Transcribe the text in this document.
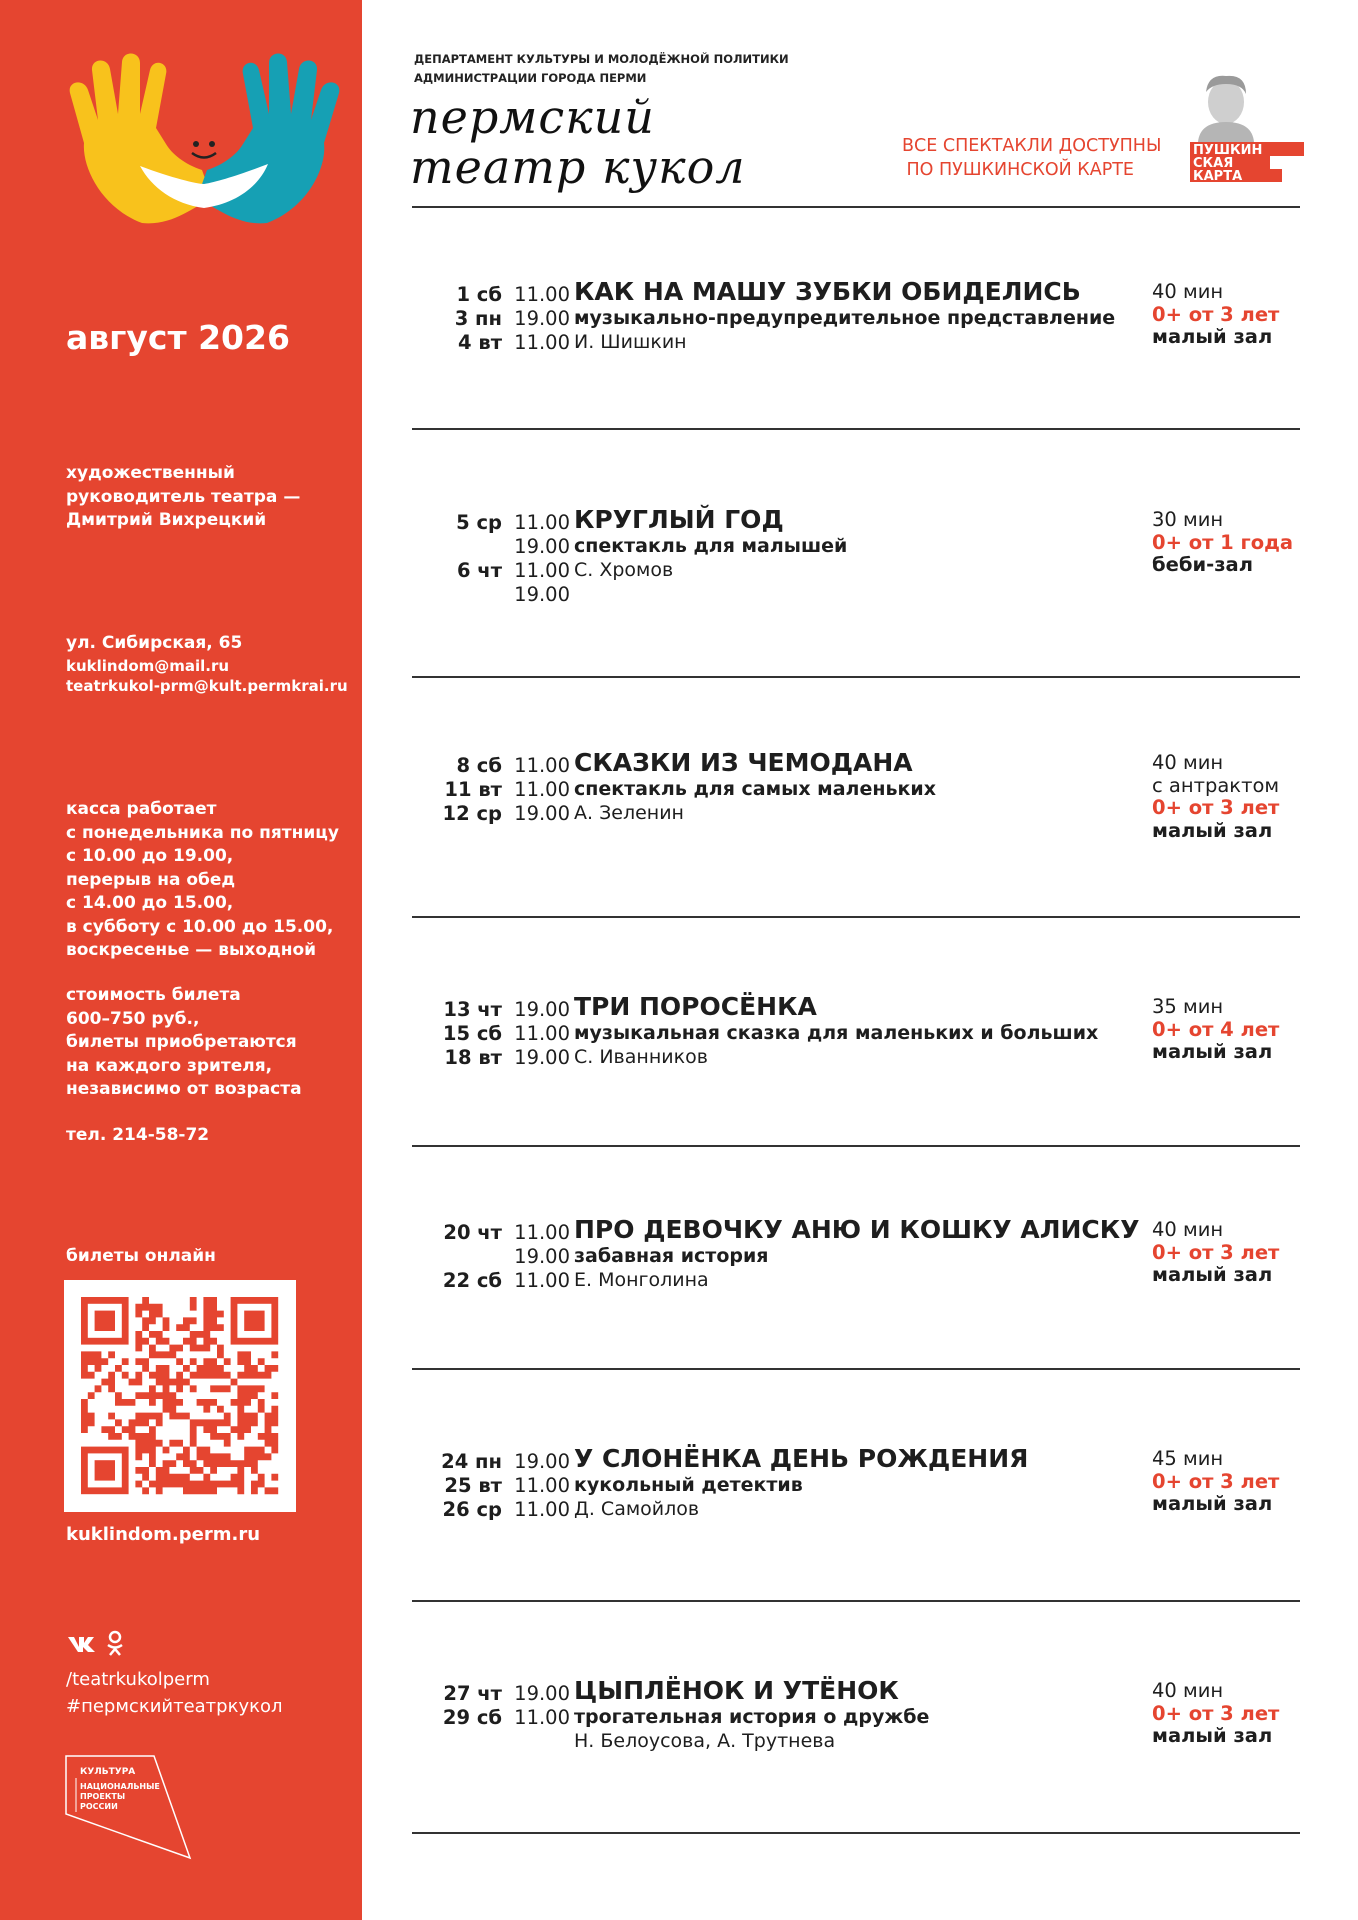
август 2026
художественный
руководитель театра —
Дмитрий Вихрецкий
ул. Сибирская, 65
kuklindom@mail.ru
teatrkukol-prm@kult.permkrai.ru
касса работает
с понедельника по пятницу
с 10.00 до 19.00,
перерыв на обед
с 14.00 до 15.00,
в субботу с 10.00 до 15.00,
воскресенье — выходной
стоимость билета
600–750 руб.,
билеты приобретаются
на каждого зрителя,
независимо от возраста
тел. 214-58-72
билеты онлайн
kuklindom.perm.ru
/teatrkukolperm
#пермскийтеатркукол
КУЛЬТУРА
НАЦИОНАЛЬНЫЕ
ПРОЕКТЫ
РОССИИ
ДЕПАРТАМЕНТ КУЛЬТУРЫ И МОЛОДЁЖНОЙ ПОЛИТИКИ
АДМИНИСТРАЦИИ ГОРОДА ПЕРМИ
пермский
театр кукол	ВСЕ СПЕКТАКЛИ ДОСТУПНЫ
ПО ПУШКИНСКОЙ КАРТЕ
ПУШКИН
СКАЯ
КАРТА
1 сб
3 пн
4 вт
11.00
19.00
11.00
КАК НА МАШУ ЗУБКИ ОБИДЕЛИСЬ
музыкально-предупредительное представление
И. Шишкин
40 мин
0+ от 3 лет
малый зал
5 ср
6 чт
11.00
19.00
11.00
19.00
КРУГЛЫЙ ГОД
спектакль для малышей
С. Хромов
30 мин
0+ от 1 года
беби-зал
8 сб
11 вт
12 ср
11.00
11.00
19.00
СКАЗКИ ИЗ ЧЕМОДАНА
спектакль для самых маленьких
А. Зеленин
40 мин
с антрактом
0+ от 3 лет
малый зал
13 чт
15 сб
18 вт
19.00
11.00
19.00
ТРИ ПОРОСЁНКА
музыкальная сказка для маленьких и больших
С. Иванников
35 мин
0+ от 4 лет
малый зал
20 чт
22 сб
11.00
19.00
11.00
ПРО ДЕВОЧКУ АНЮ И КОШКУ АЛИСКУ
забавная история
Е. Монголина
40 мин
0+ от 3 лет
малый зал
24 пн
25 вт
26 ср
19.00
11.00
11.00
У СЛОНЁНКА ДЕНЬ РОЖДЕНИЯ
кукольный детектив
Д. Самойлов
45 мин
0+ от 3 лет
малый зал
27 чт
29 сб
19.00
11.00
ЦЫПЛЁНОК И УТЁНОК
трогательная история о дружбе
Н. Белоусова, А. Трутнева
40 мин
0+ от 3 лет
малый зал
